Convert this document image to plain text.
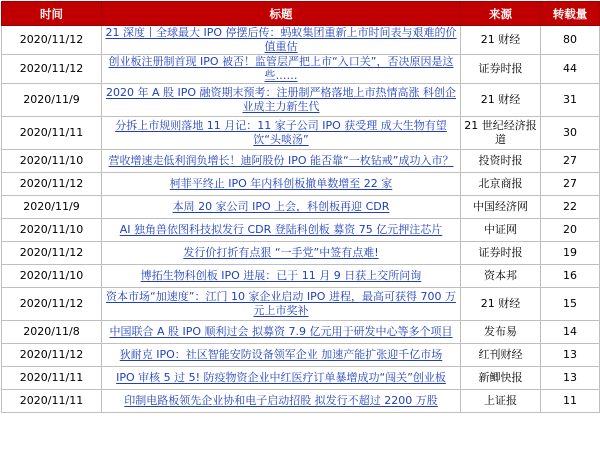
时间	标题	来源	转载量
2020/11/12	21 深度丨全球最大 IPO 停摆后传：蚂蚁集团重新上市时间表与艰难的价值重估	21 财经	80
2020/11/12	创业板注册制首现 IPO 被否！监管层严把上市“入口关”，否决原因是这些……	证券时报	44
2020/11/9	2020 年 A 股 IPO 融资期末预考：注册制严格落地上市热情高涨 科创企业成主力新生代	21 财经	31
2020/11/11	分拆上市规则落地 11 月记：11 家子公司 IPO 获受理 成大生物有望饮“头啖汤”	21 世纪经济报道	30
2020/11/10	营收增速走低利润负增长！迪阿股份 IPO 能否靠“一枚钻戒”成功入市？	投资时报	27
2020/11/12	柯菲平终止 IPO 年内科创板撤单数增至 22 家	北京商报	27
2020/11/9	本周 20 家公司 IPO 上会，科创板再迎 CDR	中国经济网	22
2020/11/10	AI 独角兽依图科技拟发行 CDR 登陆科创板 募资 75 亿元押注芯片	中证网	20
2020/11/12	发行价打折有点狠 “一手党”中签有点难!	证券时报	19
2020/11/10	博拓生物科创板 IPO 进展：已于 11 月 9 日获上交所问询	资本邦	16
2020/11/12	资本市场“加速度”：江门 10 家企业启动 IPO 进程，最高可获得 700 万元上市奖补	21 财经	15
2020/11/8	中国联合 A 股 IPO 顺利过会 拟募资 7.9 亿元用于研发中心等多个项目	发布易	14
2020/11/12	狄耐克 IPO：社区智能安防设备领军企业 加速产能扩张迎千亿市场	红刊财经	13
2020/11/11	IPO 审核 5 过 5! 防疫物资企业中红医疗订单暴增成功“闯关”创业板	新鲫快报	13
2020/11/11	印制电路板领先企业协和电子启动招股 拟发行不超过 2200 万股	上证报	11
